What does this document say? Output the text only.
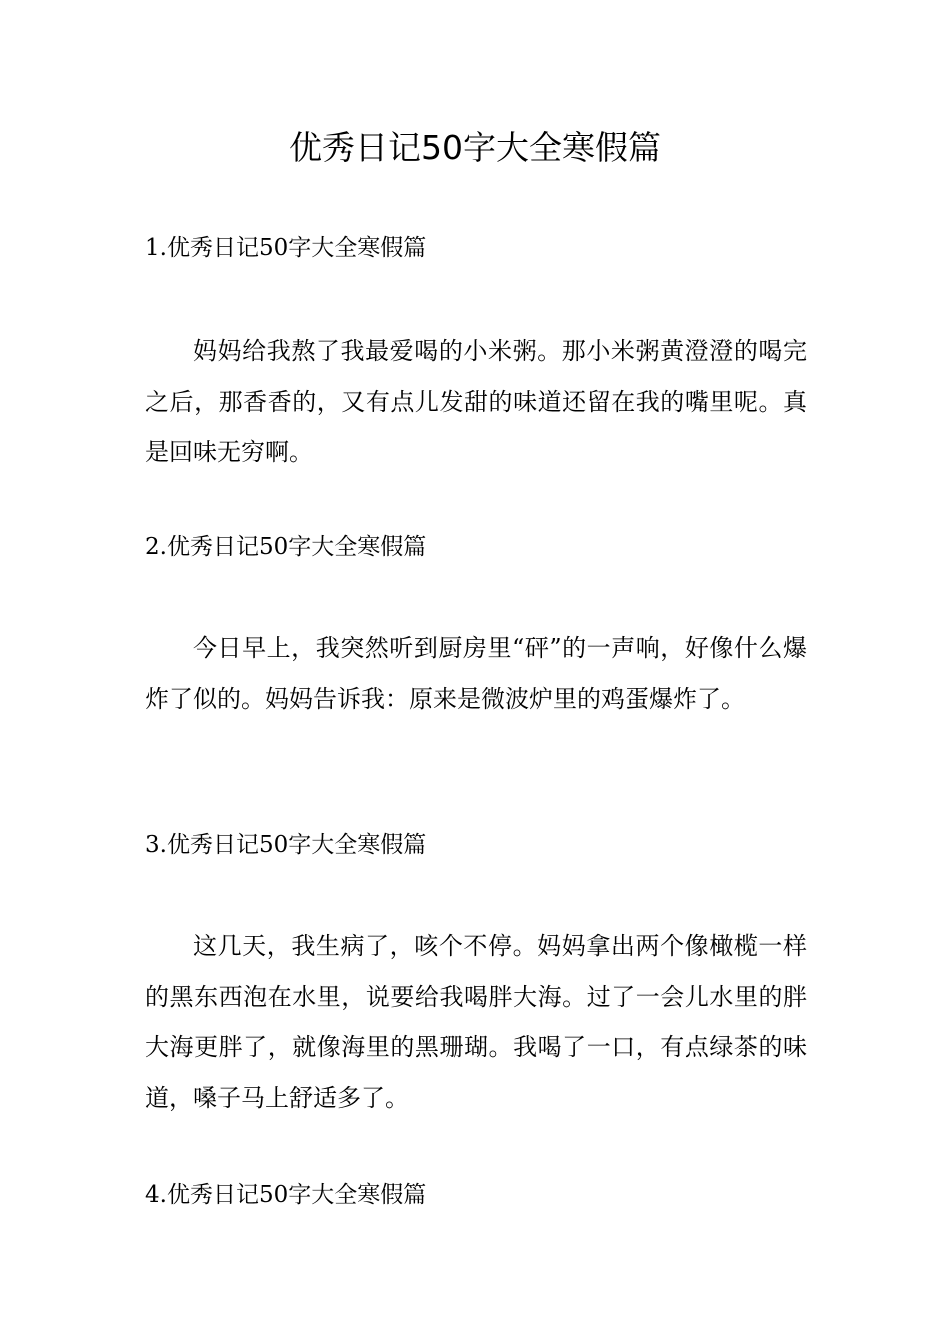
优秀日记50字大全寒假篇
1.优秀日记50字大全寒假篇

妈妈给我熬了我最爱喝的小米粥。那小米粥黄澄澄的喝完之后，那香香的，又有点儿发甜的味道还留在我的嘴里呢。真是回味无穷啊。

2.优秀日记50字大全寒假篇

今日早上，我突然听到厨房里“砰”的一声响，好像什么爆炸了似的。妈妈告诉我：原来是微波炉里的鸡蛋爆炸了。

3.优秀日记50字大全寒假篇

这几天，我生病了，咳个不停。妈妈拿出两个像橄榄一样的黑东西泡在水里，说要给我喝胖大海。过了一会儿水里的胖大海更胖了，就像海里的黑珊瑚。我喝了一口，有点绿茶的味道，嗓子马上舒适多了。

4.优秀日记50字大全寒假篇
